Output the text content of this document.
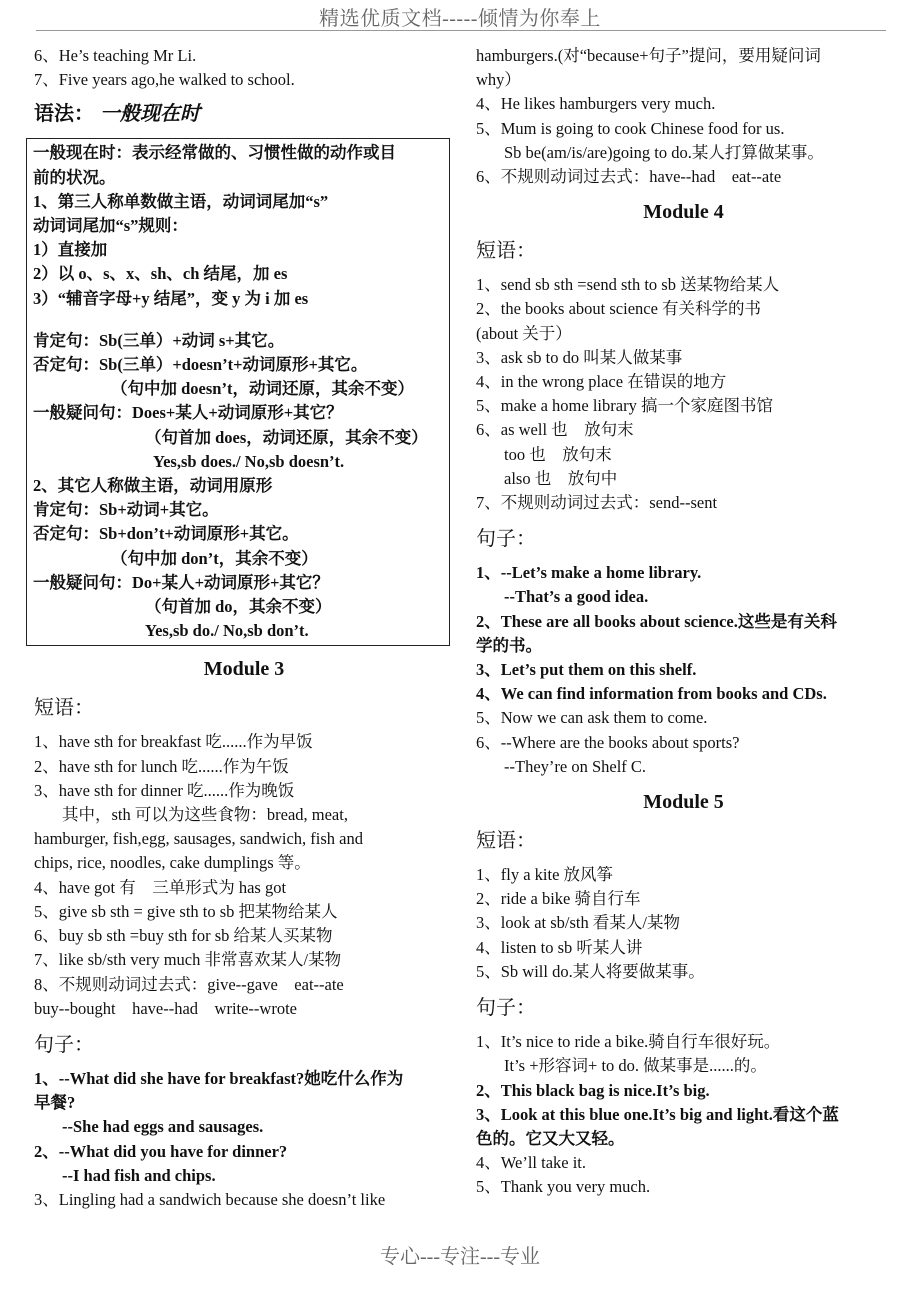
精选优质文档-----倾情为你奉上
6、He’s teaching Mr Li.
7、Five years ago,he walked to school.
语法： 一般现在时
一般现在时：表示经常做的、习惯性做的动作或目
前的状况。
1、第三人称单数做主语，动词词尾加“s”
动词词尾加“s”规则：
1）直接加
2）以 o、s、x、sh、ch 结尾，加 es
3）“辅音字母+y 结尾”，变 y 为 i 加 es
肯定句：Sb(三单）+动词 s+其它。
否定句：Sb(三单）+doesn’t+动词原形+其它。
（句中加 doesn’t，动词还原，其余不变）
一般疑问句：Does+某人+动词原形+其它？
（句首加 does，动词还原，其余不变）
Yes,sb does./ No,sb doesn’t.
2、其它人称做主语，动词用原形
肯定句：Sb+动词+其它。
否定句：Sb+don’t+动词原形+其它。
（句中加 don’t，其余不变）
一般疑问句：Do+某人+动词原形+其它？
（句首加 do，其余不变）
Yes,sb do./ No,sb don’t.
Module 3
短语：
1、have sth for breakfast 吃......作为早饭
2、have sth for lunch 吃......作为午饭
3、have sth for dinner 吃......作为晚饭
其中，sth 可以为这些食物：bread, meat,
hamburger, fish,egg, sausages, sandwich, fish and
chips, rice, noodles, cake dumplings 等。
4、have got 有　三单形式为 has got
5、give sb sth = give sth to sb 把某物给某人
6、buy sb sth =buy sth for sb 给某人买某物
7、like sb/sth very much 非常喜欢某人/某物
8、不规则动词过去式：give--gave　eat--ate
buy--bought　have--had　write--wrote
句子：
1、--What did she have for breakfast?她吃什么作为
早餐?
--She had eggs and sausages.
2、--What did you have for dinner?
--I had fish and chips.
3、Lingling had a sandwich because she doesn’t like
hamburgers.(对“because+句子”提问，要用疑问词
why）
4、He likes hamburgers very much.
5、Mum is going to cook Chinese food for us.
Sb be(am/is/are)going to do.某人打算做某事。
6、不规则动词过去式：have--had　eat--ate
Module 4
短语：
1、send sb sth =send sth to sb 送某物给某人
2、the books about science 有关科学的书
(about 关于）
3、ask sb to do 叫某人做某事
4、in the wrong place 在错误的地方
5、make a home library 搞一个家庭图书馆
6、as well 也　放句末
too 也　放句末
also 也　放句中
7、不规则动词过去式：send--sent
句子：
1、--Let’s make a home library.
--That’s a good idea.
2、These are all books about science.这些是有关科
学的书。
3、Let’s put them on this shelf.
4、We can find information from books and CDs.
5、Now we can ask them to come.
6、--Where are the books about sports?
--They’re on Shelf C.
Module 5
短语：
1、fly a kite 放风筝
2、ride a bike 骑自行车
3、look at sb/sth 看某人/某物
4、listen to sb 听某人讲
5、Sb will do.某人将要做某事。
句子：
1、It’s nice to ride a bike.骑自行车很好玩。
It’s +形容词+ to do. 做某事是......的。
2、This black bag is nice.It’s big.
3、Look at this blue one.It’s big and light.看这个蓝
色的。它又大又轻。
4、We’ll take it.
5、Thank you very much.
专心---专注---专业
